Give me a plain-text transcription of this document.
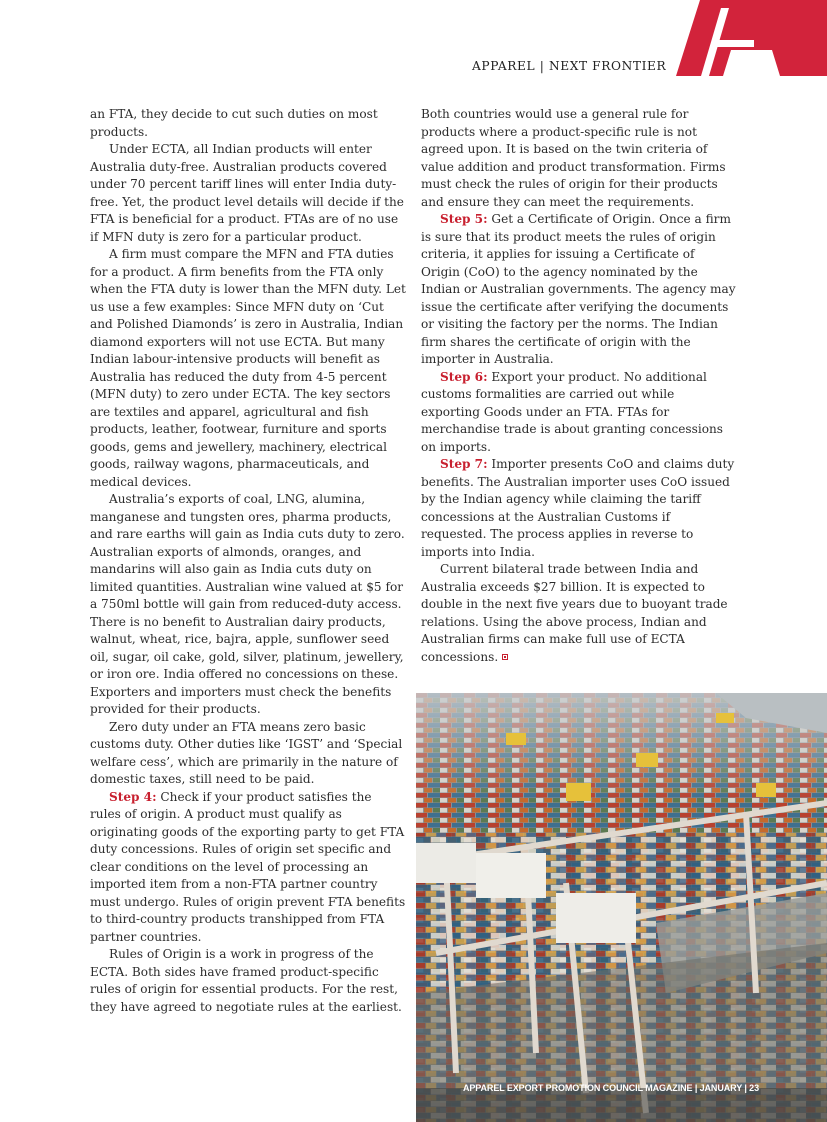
APPAREL | NEXT FRONTIER

an FTA, they decide to cut such duties on most products.

Under ECTA, all Indian products will enter Australia duty-free. Australian products covered under 70 percent tariff lines will enter India duty-free. Yet, the product level details will decide if the FTA is beneficial for a product. FTAs are of no use if MFN duty is zero for a particular product.

A firm must compare the MFN and FTA duties for a product. A firm benefits from the FTA only when the FTA duty is lower than the MFN duty. Let us use a few examples: Since MFN duty on ‘Cut and Polished Diamonds’ is zero in Australia, Indian diamond exporters will not use ECTA. But many Indian labour-intensive products will benefit as Australia has reduced the duty from 4-5 percent (MFN duty) to zero under ECTA. The key sectors are textiles and apparel, agricultural and fish products, leather, footwear, furniture and sports goods, gems and jewellery, machinery, electrical goods, railway wagons, pharmaceuticals, and medical devices.

Australia’s exports of coal, LNG, alumina, manganese and tungsten ores, pharma products, and rare earths will gain as India cuts duty to zero. Australian exports of almonds, oranges, and mandarins will also gain as India cuts duty on limited quantities. Australian wine valued at $5 for a 750ml bottle will gain from reduced-duty access. There is no benefit to Australian dairy products, walnut, wheat, rice, bajra, apple, sunflower seed oil, sugar, oil cake, gold, silver, platinum, jewellery, or iron ore. India offered no concessions on these. Exporters and importers must check the benefits provided for their products.

Zero duty under an FTA means zero basic customs duty. Other duties like ‘IGST’ and ‘Special welfare cess’, which are primarily in the nature of domestic taxes, still need to be paid.

Step 4: Check if your product satisfies the rules of origin. A product must qualify as originating goods of the exporting party to get FTA duty concessions. Rules of origin set specific and clear conditions on the level of processing an imported item from a non-FTA partner country must undergo. Rules of origin prevent FTA benefits to third-country products transhipped from FTA partner countries.

Rules of Origin is a work in progress of the ECTA. Both sides have framed product-specific rules of origin for essential products. For the rest, they have agreed to negotiate rules at the earliest.

Both countries would use a general rule for products where a product-specific rule is not agreed upon. It is based on the twin criteria of value addition and product transformation. Firms must check the rules of origin for their products and ensure they can meet the requirements.

Step 5: Get a Certificate of Origin. Once a firm is sure that its product meets the rules of origin criteria, it applies for issuing a Certificate of Origin (CoO) to the agency nominated by the Indian or Australian governments. The agency may issue the certificate after verifying the documents or visiting the factory per the norms. The Indian firm shares the certificate of origin with the importer in Australia.

Step 6: Export your product. No additional customs formalities are carried out while exporting Goods under an FTA. FTAs for merchandise trade is about granting concessions on imports.

Step 7: Importer presents CoO and claims duty benefits. The Australian importer uses CoO issued by the Indian agency while claiming the tariff concessions at the Australian Customs if requested. The process applies in reverse to imports into India.

Current bilateral trade between India and Australia exceeds $27 billion. It is expected to double in the next five years due to buoyant trade relations. Using the above process, Indian and Australian firms can make full use of ECTA concessions.

APPAREL EXPORT PROMOTION COUNCIL MAGAZINE | JANUARY | 23
